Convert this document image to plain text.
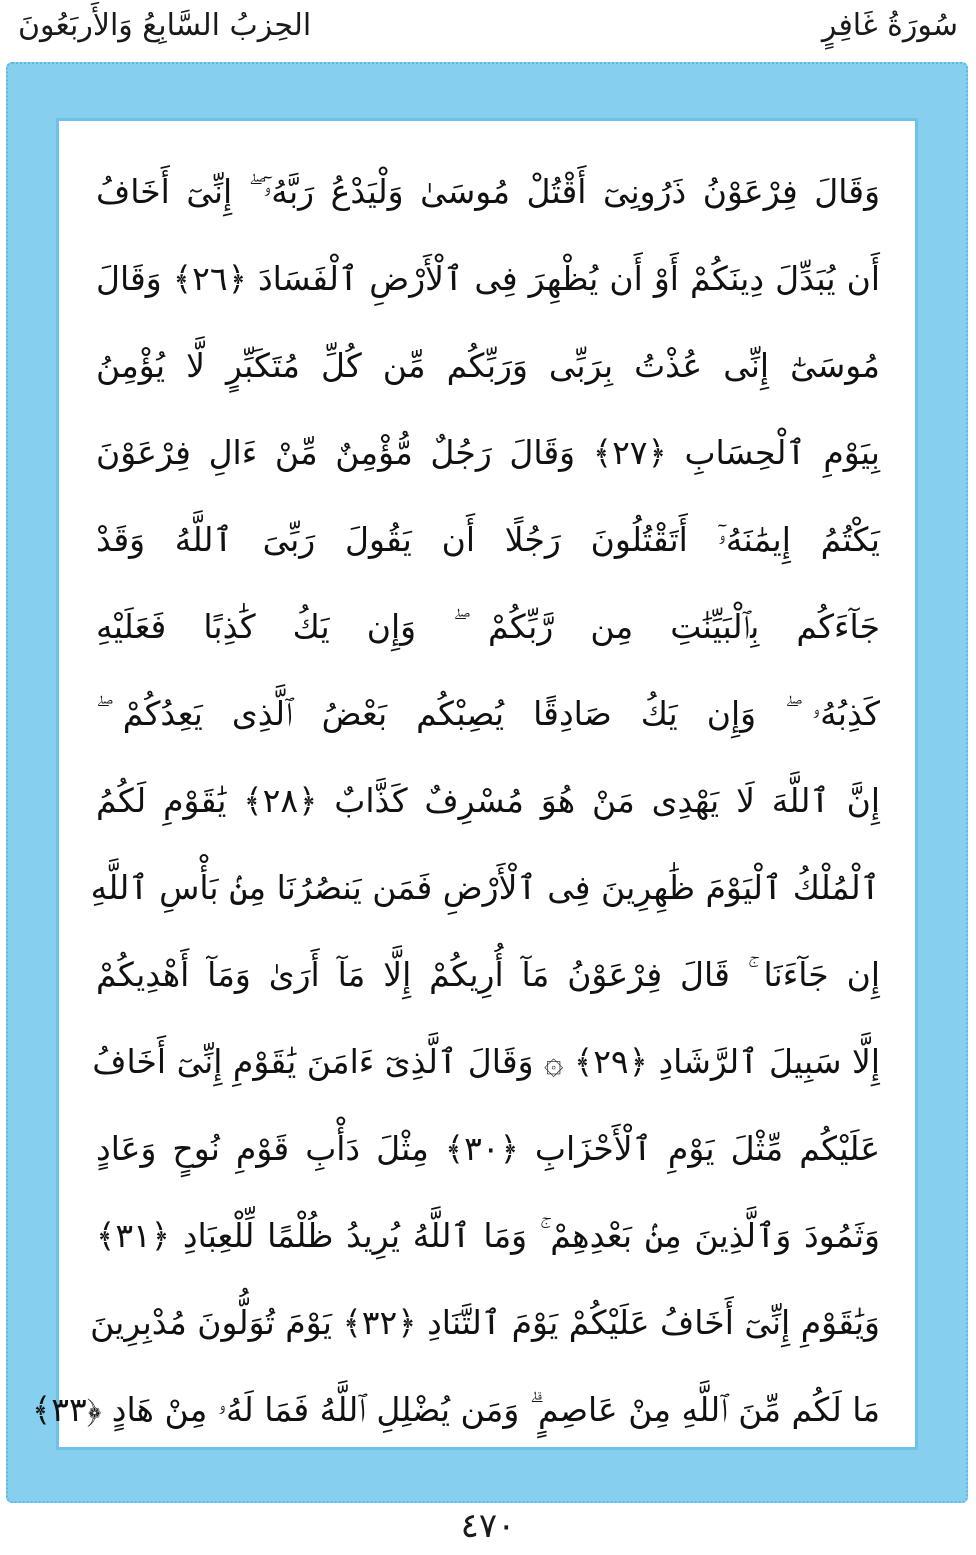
سُورَةُ غَافِرٍ
الحِزبُ السَّابِعُ وَالأَربَعُونَ
وَقَالَ فِرْعَوْنُ ذَرُونِىٓ أَقْتُلْ مُوسَىٰ وَلْيَدْعُ رَبَّهُۥٓ ۖ إِنِّىٓ أَخَافُ
أَن يُبَدِّلَ دِينَكُمْ أَوْ أَن يُظْهِرَ فِى ٱلْأَرْضِ ٱلْفَسَادَ ﴿٢٦﴾ وَقَالَ
مُوسَىٰٓ إِنِّى عُذْتُ بِرَبِّى وَرَبِّكُم مِّن كُلِّ مُتَكَبِّرٍ لَّا يُؤْمِنُ
بِيَوْمِ ٱلْحِسَابِ ﴿٢٧﴾ وَقَالَ رَجُلٌ مُّؤْمِنٌ مِّنْ ءَالِ فِرْعَوْنَ
يَكْتُمُ إِيمَٰنَهُۥٓ أَتَقْتُلُونَ رَجُلًا أَن يَقُولَ رَبِّىَ ٱللَّهُ وَقَدْ
جَآءَكُم بِٱلْبَيِّنَٰتِ مِن رَّبِّكُمْ ۖ وَإِن يَكُ كَٰذِبًا فَعَلَيْهِ
كَذِبُهُۥ ۖ وَإِن يَكُ صَادِقًا يُصِبْكُم بَعْضُ ٱلَّذِى يَعِدُكُمْ ۖ
إِنَّ ٱللَّهَ لَا يَهْدِى مَنْ هُوَ مُسْرِفٌ كَذَّابٌ ﴿٢٨﴾ يَٰقَوْمِ لَكُمُ
ٱلْمُلْكُ ٱلْيَوْمَ ظَٰهِرِينَ فِى ٱلْأَرْضِ فَمَن يَنصُرُنَا مِنۢ بَأْسِ ٱللَّهِ
إِن جَآءَنَا ۚ قَالَ فِرْعَوْنُ مَآ أُرِيكُمْ إِلَّا مَآ أَرَىٰ وَمَآ أَهْدِيكُمْ
إِلَّا سَبِيلَ ٱلرَّشَادِ ﴿٢٩﴾ ۞ وَقَالَ ٱلَّذِىٓ ءَامَنَ يَٰقَوْمِ إِنِّىٓ أَخَافُ
عَلَيْكُم مِّثْلَ يَوْمِ ٱلْأَحْزَابِ ﴿٣٠﴾ مِثْلَ دَأْبِ قَوْمِ نُوحٍ وَعَادٍ
وَثَمُودَ وَٱلَّذِينَ مِنۢ بَعْدِهِمْ ۚ وَمَا ٱللَّهُ يُرِيدُ ظُلْمًا لِّلْعِبَادِ ﴿٣١﴾
وَيَٰقَوْمِ إِنِّىٓ أَخَافُ عَلَيْكُمْ يَوْمَ ٱلتَّنَادِ ﴿٣٢﴾ يَوْمَ تُوَلُّونَ مُدْبِرِينَ
مَا لَكُم مِّنَ ٱللَّهِ مِنْ عَاصِمٍ ۗ وَمَن يُضْلِلِ ٱللَّهُ فَمَا لَهُۥ مِنْ هَادٍ ﴿٣٣﴾
٤٧٠
